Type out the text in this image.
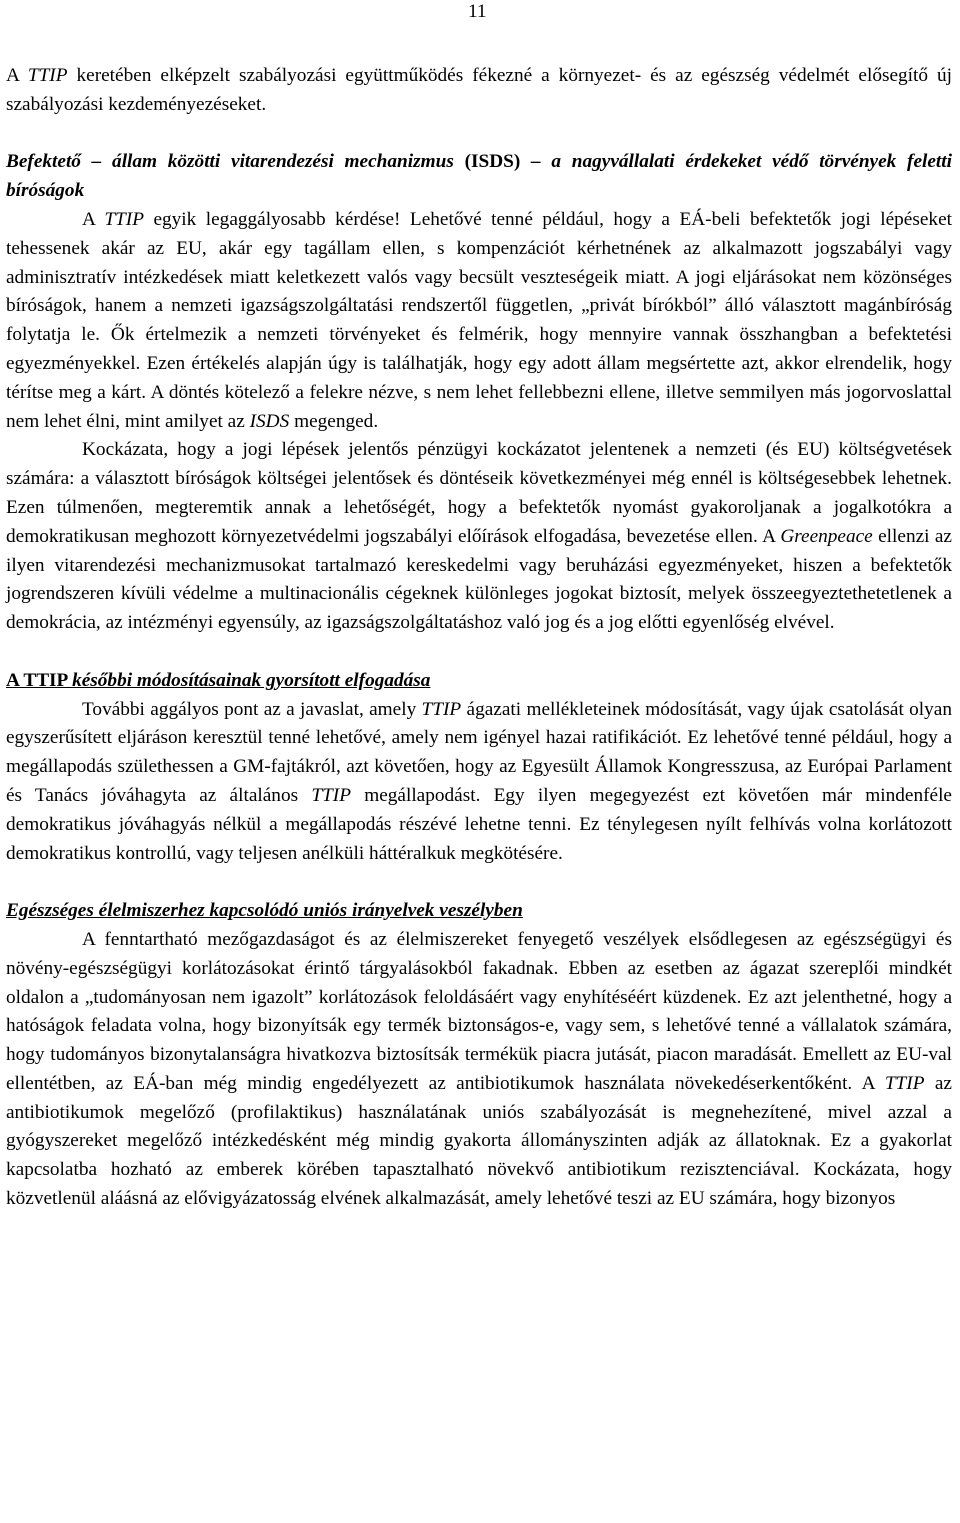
11

A TTIP keretében elképzelt szabályozási együttműködés fékezné a környezet- és az egészség védelmét elősegítő új szabályozási kezdeményezéseket.

Befektető – állam közötti vitarendezési mechanizmus (ISDS) – a nagyvállalati érdekeket védő törvények feletti bíróságok

A TTIP egyik legaggályosabb kérdése! Lehetővé tenné például, hogy a EÁ-beli befektetők jogi lépéseket tehessenek akár az EU, akár egy tagállam ellen, s kompenzációt kérhetnének az alkalmazott jogszabályi vagy adminisztratív intézkedések miatt keletkezett valós vagy becsült veszteségeik miatt. A jogi eljárásokat nem közönséges bíróságok, hanem a nemzeti igazságszolgáltatási rendszertől független, „privát bírókból” álló választott magánbíróság folytatja le. Ők értelmezik a nemzeti törvényeket és felmérik, hogy mennyire vannak összhangban a befektetési egyezményekkel. Ezen értékelés alapján úgy is találhatják, hogy egy adott állam megsértette azt, akkor elrendelik, hogy térítse meg a kárt. A döntés kötelező a felekre nézve, s nem lehet fellebbezni ellene, illetve semmilyen más jogorvoslattal nem lehet élni, mint amilyet az ISDS megenged.

Kockázata, hogy a jogi lépések jelentős pénzügyi kockázatot jelentenek a nemzeti (és EU) költségvetések számára: a választott bíróságok költségei jelentősek és döntéseik következményei még ennél is költségesebbek lehetnek. Ezen túlmenően, megteremtik annak a lehetőségét, hogy a befektetők nyomást gyakoroljanak a jogalkotókra a demokratikusan meghozott környezetvédelmi jogszabályi előírások elfogadása, bevezetése ellen. A Greenpeace ellenzi az ilyen vitarendezési mechanizmusokat tartalmazó kereskedelmi vagy beruházási egyezményeket, hiszen a befektetők jogrendszeren kívüli védelme a multinacionális cégeknek különleges jogokat biztosít, melyek összeegyeztethetetlenek a demokrácia, az intézményi egyensúly, az igazságszolgáltatáshoz való jog és a jog előtti egyenlőség elvével.

A TTIP későbbi módosításainak gyorsított elfogadása

További aggályos pont az a javaslat, amely TTIP ágazati mellékleteinek módosítását, vagy újak csatolását olyan egyszerűsített eljáráson keresztül tenné lehetővé, amely nem igényel hazai ratifikációt. Ez lehetővé tenné például, hogy a megállapodás születhessen a GM-fajtákról, azt követően, hogy az Egyesült Államok Kongresszusa, az Európai Parlament és Tanács jóváhagyta az általános TTIP megállapodást. Egy ilyen megegyezést ezt követően már mindenféle demokratikus jóváhagyás nélkül a megállapodás részévé lehetne tenni. Ez ténylegesen nyílt felhívás volna korlátozott demokratikus kontrollú, vagy teljesen anélküli háttéralkuk megkötésére.

Egészséges élelmiszerhez kapcsolódó uniós irányelvek veszélyben

A fenntartható mezőgazdaságot és az élelmiszereket fenyegető veszélyek elsődlegesen az egészségügyi és növény-egészségügyi korlátozásokat érintő tárgyalásokból fakadnak. Ebben az esetben az ágazat szereplői mindkét oldalon a „tudományosan nem igazolt” korlátozások feloldásáért vagy enyhítéséért küzdenek. Ez azt jelenthetné, hogy a hatóságok feladata volna, hogy bizonyítsák egy termék biztonságos-e, vagy sem, s lehetővé tenné a vállalatok számára, hogy tudományos bizonytalanságra hivatkozva biztosítsák termékük piacra jutását, piacon maradását. Emellett az EU-val ellentétben, az EÁ-ban még mindig engedélyezett az antibiotikumok használata növekedéserkentőként. A TTIP az antibiotikumok megelőző (profilaktikus) használatának uniós szabályozását is megnehezítené, mivel azzal a gyógyszereket megelőző intézkedésként még mindig gyakorta állományszinten adják az állatoknak. Ez a gyakorlat kapcsolatba hozható az emberek körében tapasztalható növekvő antibiotikum rezisztenciával. Kockázata, hogy közvetlenül aláásná az elővigyázatosság elvének alkalmazását, amely lehetővé teszi az EU számára, hogy bizonyos
